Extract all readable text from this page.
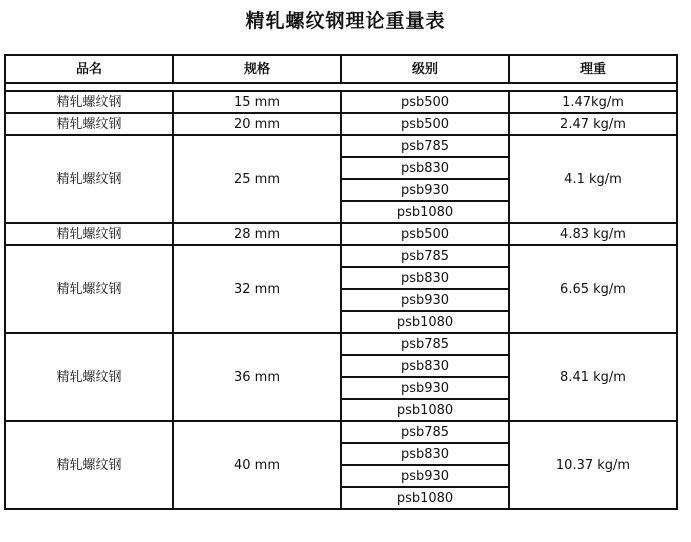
精轧螺纹钢理论重量表
品名	规格	级别	理重

精轧螺纹钢	15 mm	psb500	1.47kg/m
精轧螺纹钢	20 mm	psb500	2.47 kg/m
精轧螺纹钢	25 mm	psb785	4.1 kg/m
		psb830	
		psb930	
		psb1080	
精轧螺纹钢	28 mm	psb500	4.83 kg/m
精轧螺纹钢	32 mm	psb785	6.65 kg/m
		psb830	
		psb930	
		psb1080	
精轧螺纹钢	36 mm	psb785	8.41 kg/m
		psb830	
		psb930	
		psb1080	
精轧螺纹钢	40 mm	psb785	10.37 kg/m
		psb830	
		psb930	
		psb1080	
